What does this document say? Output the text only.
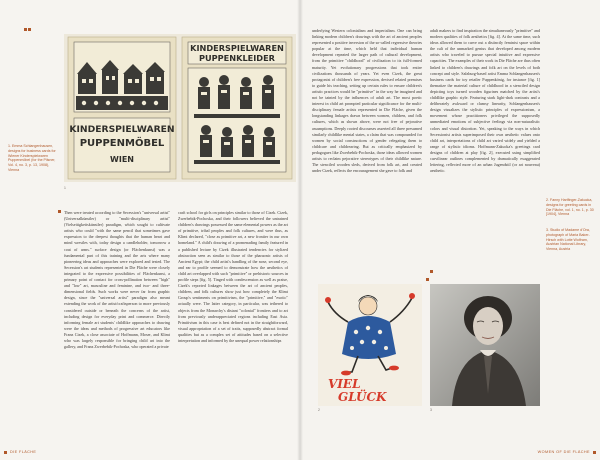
KINDERSPIELWAREN
PUPPENMÖBEL
WIEN
KINDERSPIELWAREN
PUPPENKLEIDER
1. Emma Schlangenhausen, designs for business cards for Wiener Kinderspielwaren Puppenmöbel (for the Pilsner, Vol. 4, no. 3, p. 13, 1908), Vienna
1

Then were treated according to the Secession's "universal artist" (Universalkünstler) or "multi-disciplinary artist" (Vielseitigkeitskünstler) paradigm, which sought to cultivate artists who could "with the same pencil that sometimes gave expression to the deepest thoughts that the human heart and mind wrestles with, today design a candleholder, tomorrow a coat of arms." surface design (or Flächenkunst) was a fundamental part of this training and the arts where many pioneering ideas and approaches were explored and tested. The Secession's art students represented in Die Fläche were closely integrated to the expressive possibilities of Flächenkunst, a primary point of contact for cross-pollination between "high" and "low" art, masculine and feminine, and two- and three-dimensional fields. Such works were never far from graphic design, since the "universal artist" paradigm also meant extending the work of the artist/craftsperson to more previously considered outside or beneath the concerns of the artist, including design for everyday print and commerce. Directly informing female art students' childlike approaches to drawing were the ideas and methods of progressive art educators like Franz Cizek, a close associate of Hoffmann, Moser, and Klimt who was largely responsible for bringing child art into the gallery, and Franz Zwerbebik-Pochoska, who operated a private

craft school for girls on principles similar to those of Cizek. Cizek, Zwerbebik-Pochoska, and their followers believed the untrained children's drawings possessed the same elemental powers as the art of primitive, tribal peoples and folk cultures, and were thus, as Klimt declared, "close as primitive art, a new frontier in our own homeland." A child's drawing of a promenading family featured in a published lecture by Cizek illustrated tendencies for stylized abstraction seen as similar to those of the pharaonic artists of Ancient Egypt; the child artist's handling of the nose, second eye, and ear to profile seemed to demonstrate how the aesthetics of child art overlapped with such "primitive" or prehistoric sources in profile steps [fig. 5]. Tinged with condescension as well as praise, Cizek's reported linkages between the art of ancient peoples, children, and folk cultures show just how completely the Klimt Group's sentiments on primitivism, the "primitive," and "exotic" actually were. The latter category, in particular, was tethered to objects from the Monarchy's distant "colonial" frontiers and to art from previously underappreciated regions including East Asia. Primitivism in this case is best defined not in the straightforward, visual appropriation of a set of traits, supposedly abstract formal qualities but as a complex set of attitudes based on a selective interpretation and informed by the unequal power relationships

DIE FLÄCHE

underlying Western colonialism and imperialism. One can bring linking modern children's drawings with the art of ancient peoples represented a positive inversion of the so-called regressive theories popular at the time, which held that individual human development repeated the larger path of cultural development, from the primitive "childhood" of civilization to its full-formed maturity. Yet evolutionary progressions that took entire civilizations thousands of years. Yet even Cizek, the great protagonist of children's free expression, devised related premises to guide his teaching, setting up certain rules to ensure children's artistic practices would be "primitive" in the way he imagined and not be tainted by the influences of adult art. The most poetic interest in child art prompted particular significance for the multi-disciplinary female artists represented in Die Fläche, given the longstanding linkages drawn between women, children, and folk cultures, which as shown above, were not free of pejorative assumptions. Deeply rooted discourses asserted all three presumed similarly childlike mental states, a claim that was compounded for women by social constructions of gender relegating them to childcare and childrearing. But as critically emphasized by pedagogues like Zwerbebik-Pochoska, those ideas allowed women artists to reclaim pejorative stereotypes of their childlike nature. The stenciled wooden sleds, derived from folk art, and created under Cizek, reflects the encouragement she gave to folk and

adult makers to find inspiration the simultaneously "primitive" and modern qualities of folk aesthetics [fig. 4]. At the same time, such ideas allowed them to carve out a distinctly feminist space within the cult of the unmarked genius that developed among modern artists who traveled to pursue special intuitive and expressive capacities. The examples of their work in Die Fläche are thus often linked to children's drawings and folk art on the levels of both concept and style. Salzburg-based artist Emma Schlangenhausen's business cards for toy retailer Puppenkönig, for instance [fig. 1] thematize the material culture of childhood in a stenciled design depicting toys turned wooden figurines matched by the artist's childlike graphic style. Featuring stark light-dark contrasts and a deliberately awkward or clumsy linearity, Schlangenhausen's design visualizes the stylistic principles of expressionism, a movement whose practitioners privileged the supposedly unmediated emotions of subjective feelings via non-naturalistic colors and visual distortion. Yet, speaking to the ways in which Secessionist artists superimposed their own aesthetic values onto child art, interpretations of child art varied widely and yielded a range of stylistic idioms. Hoffmann-Zakucka's greetings card designs of children at play [fig. 2], executed using simplified curvilinear outlines complemented by dramatically exaggerated lettering, reflected more of an urban Jugendstil (or art nouveau) aesthetic.

2. Fanny Harlfinger-Zakucka, designs for greeting cards in Die Fläche, vol. 1, no. 1, p. 30 [1904], Vienna
3. Studio of Madame d'Ora, photograph of Maria Baker-Hirsch with Lotte Wolfram, Austrian National Library, Vienna, Austria
VIEL
GLÜCK
2	3
WOMEN OF DIE FLÄCHE
